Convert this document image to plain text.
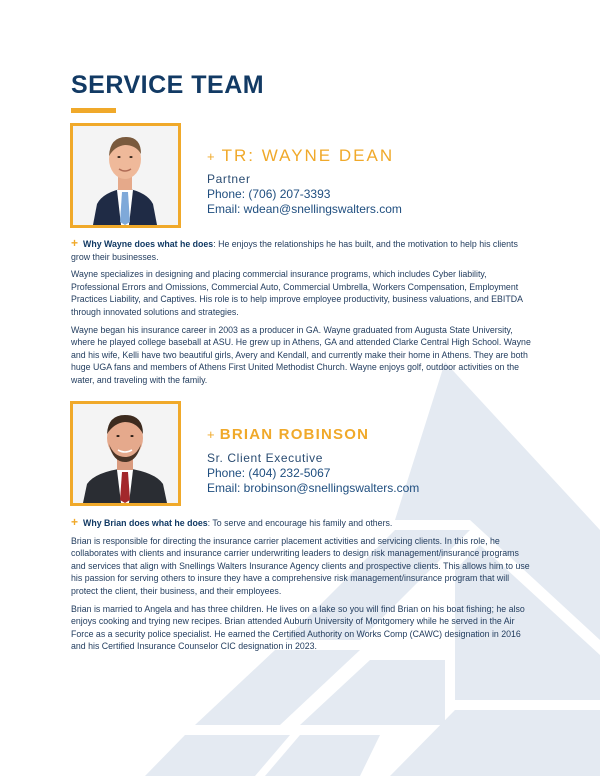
SERVICE TEAM
+ TR: WAYNE DEAN
Partner
Phone: (706) 207-3393
Email: wdean@snellingswalters.com

+ Why Wayne does what he does: He enjoys the relationships he has built, and the motivation to help his clients grow their businesses.

Wayne specializes in designing and placing commercial insurance programs, which includes Cyber liability, Professional Errors and Omissions, Commercial Auto, Commercial Umbrella, Workers Compensation, Employment Practices Liability, and Captives. His role is to help improve employee productivity, business valuations, and EBITDA through innovated solutions and strategies.

Wayne began his insurance career in 2003 as a producer in GA. Wayne graduated from Augusta State University, where he played college baseball at ASU. He grew up in Athens, GA and attended Clarke Central High School. Wayne and his wife, Kelli have two beautiful girls, Avery and Kendall, and currently make their home in Athens. They are both huge UGA fans and members of Athens First United Methodist Church. Wayne enjoys golf, outdoor activities on the water, and traveling with the family.

+ BRIAN ROBINSON
Sr. Client Executive
Phone: (404) 232-5067
Email: brobinson@snellingswalters.com

+ Why Brian does what he does: To serve and encourage his family and others.

Brian is responsible for directing the insurance carrier placement activities and servicing clients. In this role, he collaborates with clients and insurance carrier underwriting leaders to design risk management/insurance programs and services that align with Snellings Walters Insurance Agency clients and prospective clients. This allows him to use his passion for serving others to insure they have a comprehensive risk management/insurance program that will protect the client, their business, and their employees.

Brian is married to Angela and has three children. He lives on a lake so you will find Brian on his boat fishing; he also enjoys cooking and trying new recipes. Brian attended Auburn University of Montgomery while he served in the Air Force as a security police specialist. He earned the Certified Authority on Works Comp (CAWC) designation in 2016 and his Certified Insurance Counselor CIC designation in 2023.
